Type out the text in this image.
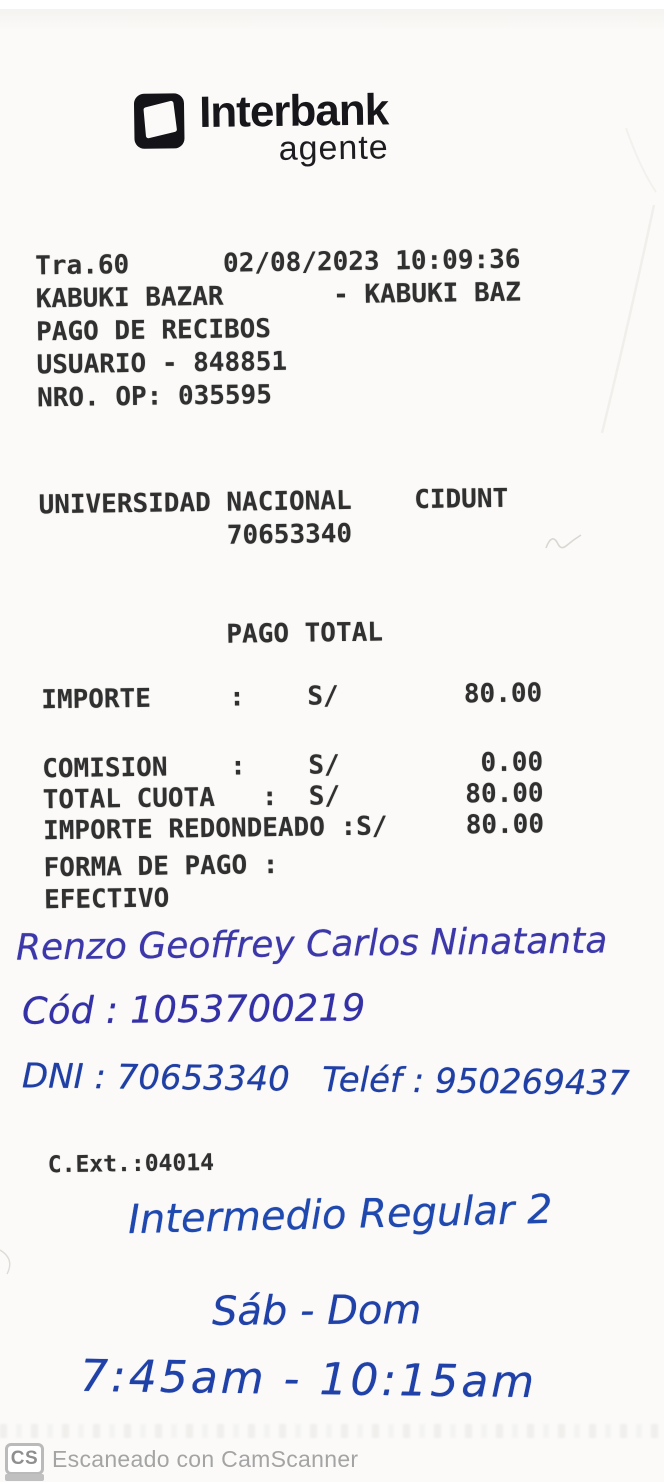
Interbank
agente
Tra.60      02/08/2023 10:09:36
KABUKI BAZAR       - KABUKI BAZ
PAGO DE RECIBOS
USUARIO - 848851
NRO. OP: 035595
UNIVERSIDAD NACIONAL    CIDUNT
70653340
PAGO TOTAL
IMPORTE     :    S/        80.00
COMISION    :    S/         0.00
TOTAL CUOTA   :  S/        80.00
IMPORTE REDONDEADO :S/     80.00
FORMA DE PAGO :
EFECTIVO
C.Ext.:04014
Renzo Geoffrey Carlos Ninatanta
Cód : 1053700219
DNI : 70653340   Teléf : 950269437
Intermedio Regular 2
Sáb - Dom
7:45am - 10:15am
CS Escaneado con CamScanner
